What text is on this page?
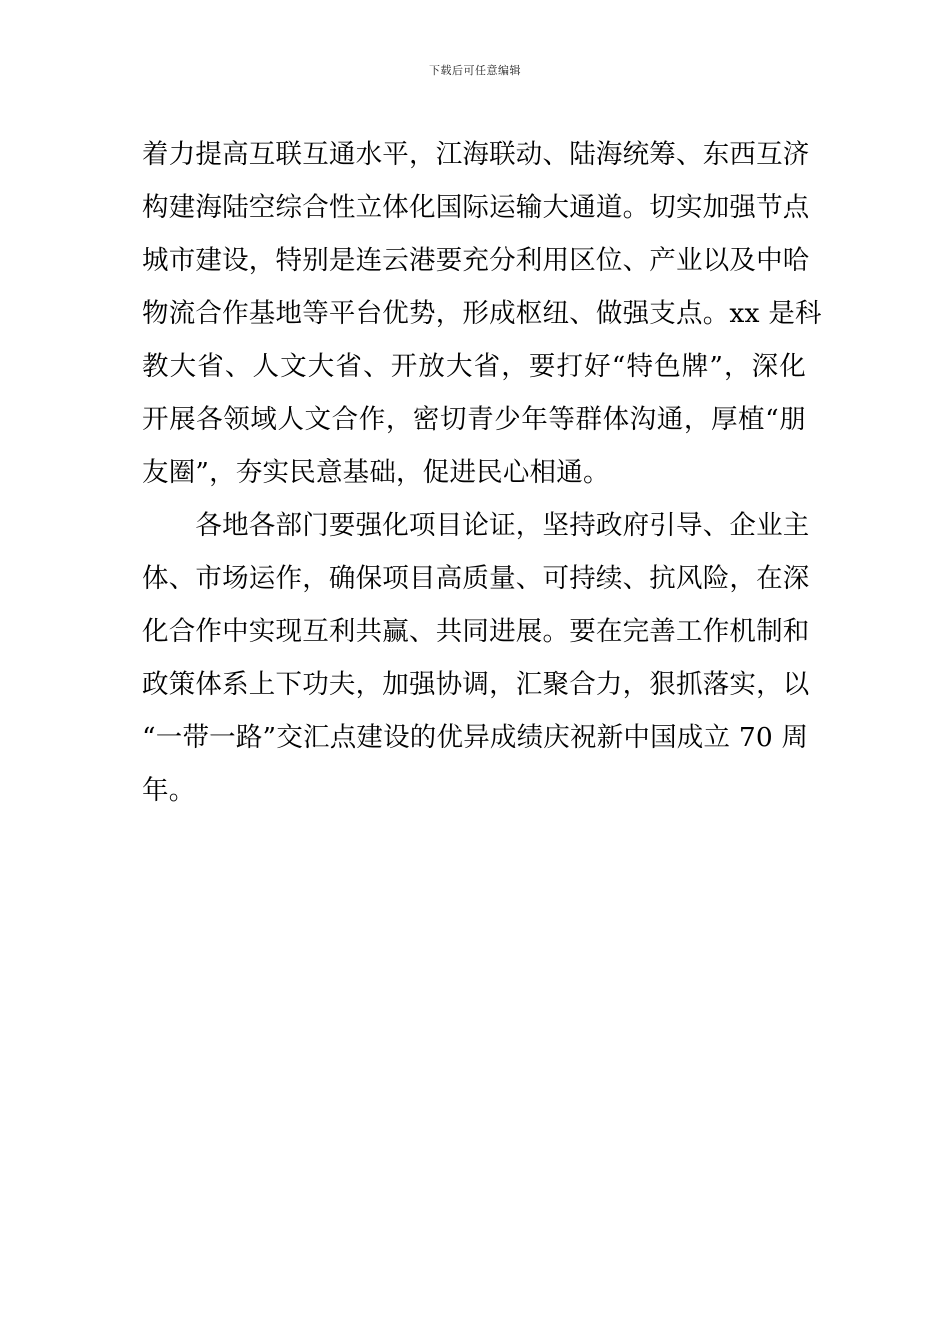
下载后可任意编辑
着力提高互联互通水平，江海联动、陆海统筹、东西互济
构建海陆空综合性立体化国际运输大通道。切实加强节点
城市建设，特别是连云港要充分利用区位、产业以及中哈
物流合作基地等平台优势，形成枢纽、做强支点。xx 是科
教大省、人文大省、开放大省，要打好“特色牌”，深化
开展各领域人文合作，密切青少年等群体沟通，厚植“朋
友圈”，夯实民意基础，促进民心相通。
　　各地各部门要强化项目论证，坚持政府引导、企业主
体、市场运作，确保项目高质量、可持续、抗风险，在深
化合作中实现互利共赢、共同进展。要在完善工作机制和
政策体系上下功夫，加强协调，汇聚合力，狠抓落实，以
“一带一路”交汇点建设的优异成绩庆祝新中国成立 70 周
年。
